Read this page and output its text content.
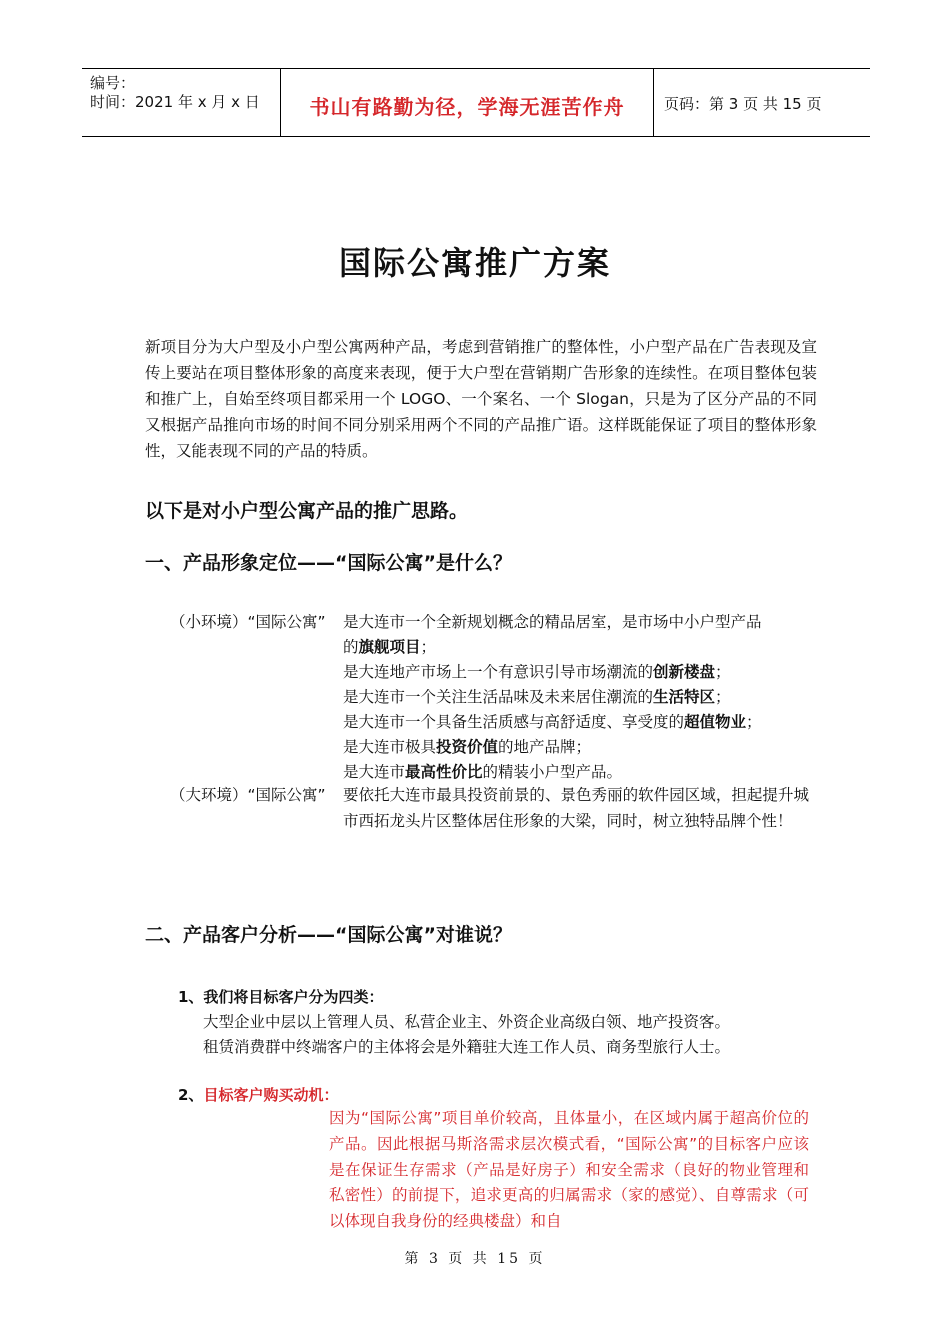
编号：
时间：2021 年 x 月 x 日	书山有路勤为径，学海无涯苦作舟	页码：第 3 页 共 15 页
国际公寓推广方案
新项目分为大户型及小户型公寓两种产品，考虑到营销推广的整体性，小户型产品在广告表现及宣传上要站在项目整体形象的高度来表现，便于大户型在营销期广告形象的连续性。在项目整体包装和推广上，自始至终项目都采用一个 LOGO、一个案名、一个 Slogan，只是为了区分产品的不同又根据产品推向市场的时间不同分别采用两个不同的产品推广语。这样既能保证了项目的整体形象性，又能表现不同的产品的特质。
以下是对小户型公寓产品的推广思路。
一、产品形象定位——“国际公寓”是什么？
（小环境）“国际公寓” 是大连市一个全新规划概念的精品居室，是市场中小户型产品
的旗舰项目；
是大连地产市场上一个有意识引导市场潮流的创新楼盘；
是大连市一个关注生活品味及未来居住潮流的生活特区；
是大连市一个具备生活质感与高舒适度、享受度的超值物业；
是大连市极具投资价值的地产品牌；
是大连市最高性价比的精装小户型产品。
（大环境）“国际公寓” 要依托大连市最具投资前景的、景色秀丽的软件园区域，担起提升城市西拓龙头片区整体居住形象的大梁，同时，树立独特品牌个性！
二、产品客户分析——“国际公寓”对谁说？
1、我们将目标客户分为四类：
大型企业中层以上管理人员、私营企业主、外资企业高级白领、地产投资客。
租赁消费群中终端客户的主体将会是外籍驻大连工作人员、商务型旅行人士。
2、目标客户购买动机：
因为“国际公寓”项目单价较高，且体量小，在区域内属于超高价位的产品。因此根据马斯洛需求层次模式看，“国际公寓”的目标客户应该是在保证生存需求（产品是好房子）和安全需求（良好的物业管理和私密性）的前提下，追求更高的归属需求（家的感觉）、自尊需求（可以体现自我身份的经典楼盘）和自
第 3 页 共 15 页
